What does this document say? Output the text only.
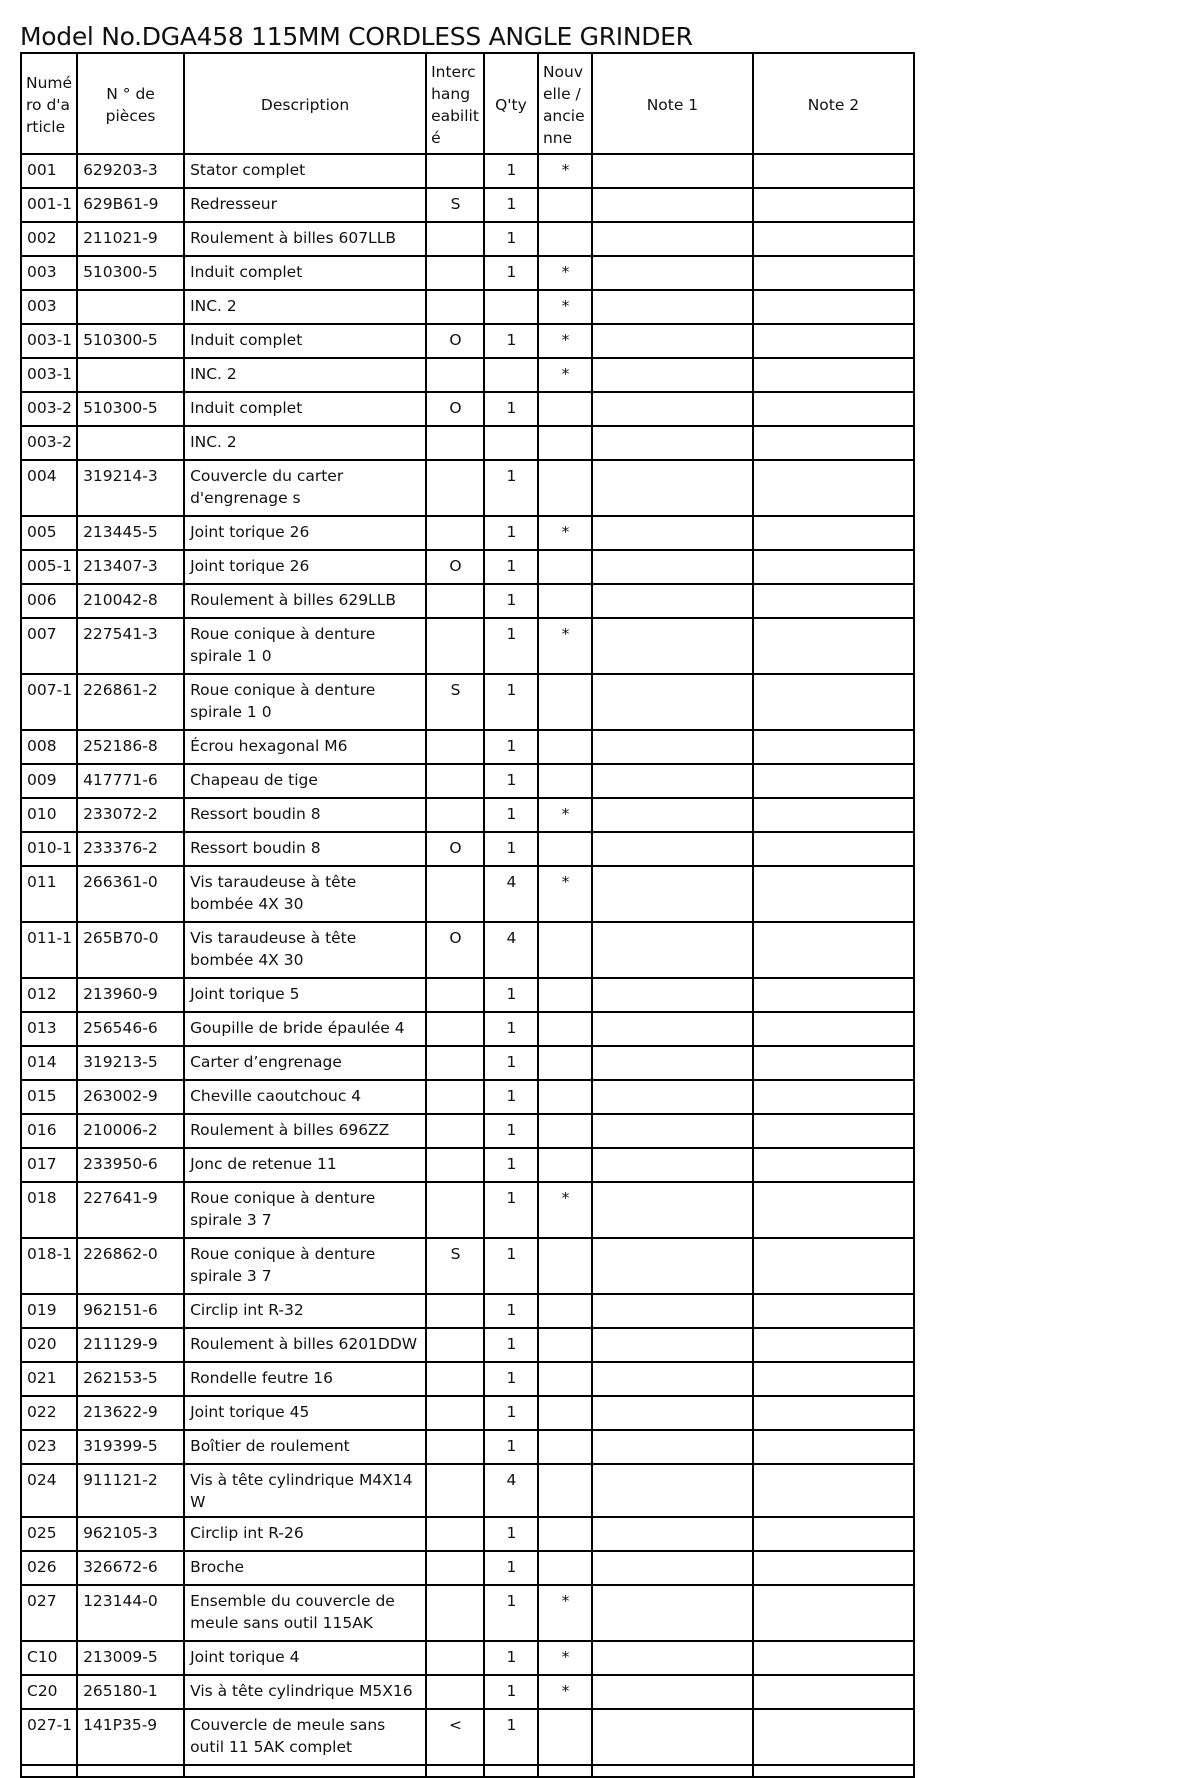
Model No.DGA458 115MM CORDLESS ANGLE GRINDER
Numé
ro d'a
rticle	N ° de pièces	Description	Interc
hang
eabilit
é	Q'ty	Nouv
elle /
ancie
nne	Note 1	Note 2
001	629203-3	Stator complet		1	*		
001-1	629B61-9	Redresseur	S	1			
002	211021-9	Roulement à billes 607LLB		1			
003	510300-5	Induit complet		1	*		
003		INC. 2			*		
003-1	510300-5	Induit complet	O	1	*		
003-1		INC. 2			*		
003-2	510300-5	Induit complet	O	1			
003-2		INC. 2					
004	319214-3	Couvercle du carter d'engrenage s		1			
005	213445-5	Joint torique 26		1	*		
005-1	213407-3	Joint torique 26	O	1			
006	210042-8	Roulement à billes 629LLB		1			
007	227541-3	Roue conique à denture spirale 1 0		1	*		
007-1	226861-2	Roue conique à denture spirale 1 0	S	1			
008	252186-8	Écrou hexagonal M6		1			
009	417771-6	Chapeau de tige		1			
010	233072-2	Ressort boudin 8		1	*		
010-1	233376-2	Ressort boudin 8	O	1			
011	266361-0	Vis taraudeuse à tête bombée 4X 30		4	*		
011-1	265B70-0	Vis taraudeuse à tête bombée 4X 30	O	4			
012	213960-9	Joint torique 5		1			
013	256546-6	Goupille de bride épaulée 4		1			
014	319213-5	Carter d’engrenage		1			
015	263002-9	Cheville caoutchouc 4		1			
016	210006-2	Roulement à billes 696ZZ		1			
017	233950-6	Jonc de retenue 11		1			
018	227641-9	Roue conique à denture spirale 3 7		1	*		
018-1	226862-0	Roue conique à denture spirale 3 7	S	1			
019	962151-6	Circlip int R-32		1			
020	211129-9	Roulement à billes 6201DDW		1			
021	262153-5	Rondelle feutre 16		1			
022	213622-9	Joint torique 45		1			
023	319399-5	Boîtier de roulement		1			
024	911121-2	Vis à tête cylindrique M4X14 W		4			
025	962105-3	Circlip int R-26		1			
026	326672-6	Broche		1			
027	123144-0	Ensemble du couvercle de meule sans outil 115AK		1	*		
C10	213009-5	Joint torique 4		1	*		
C20	265180-1	Vis à tête cylindrique M5X16		1	*		
027-1	141P35-9	Couvercle de meule sans outil 11 5AK complet	<	1			
